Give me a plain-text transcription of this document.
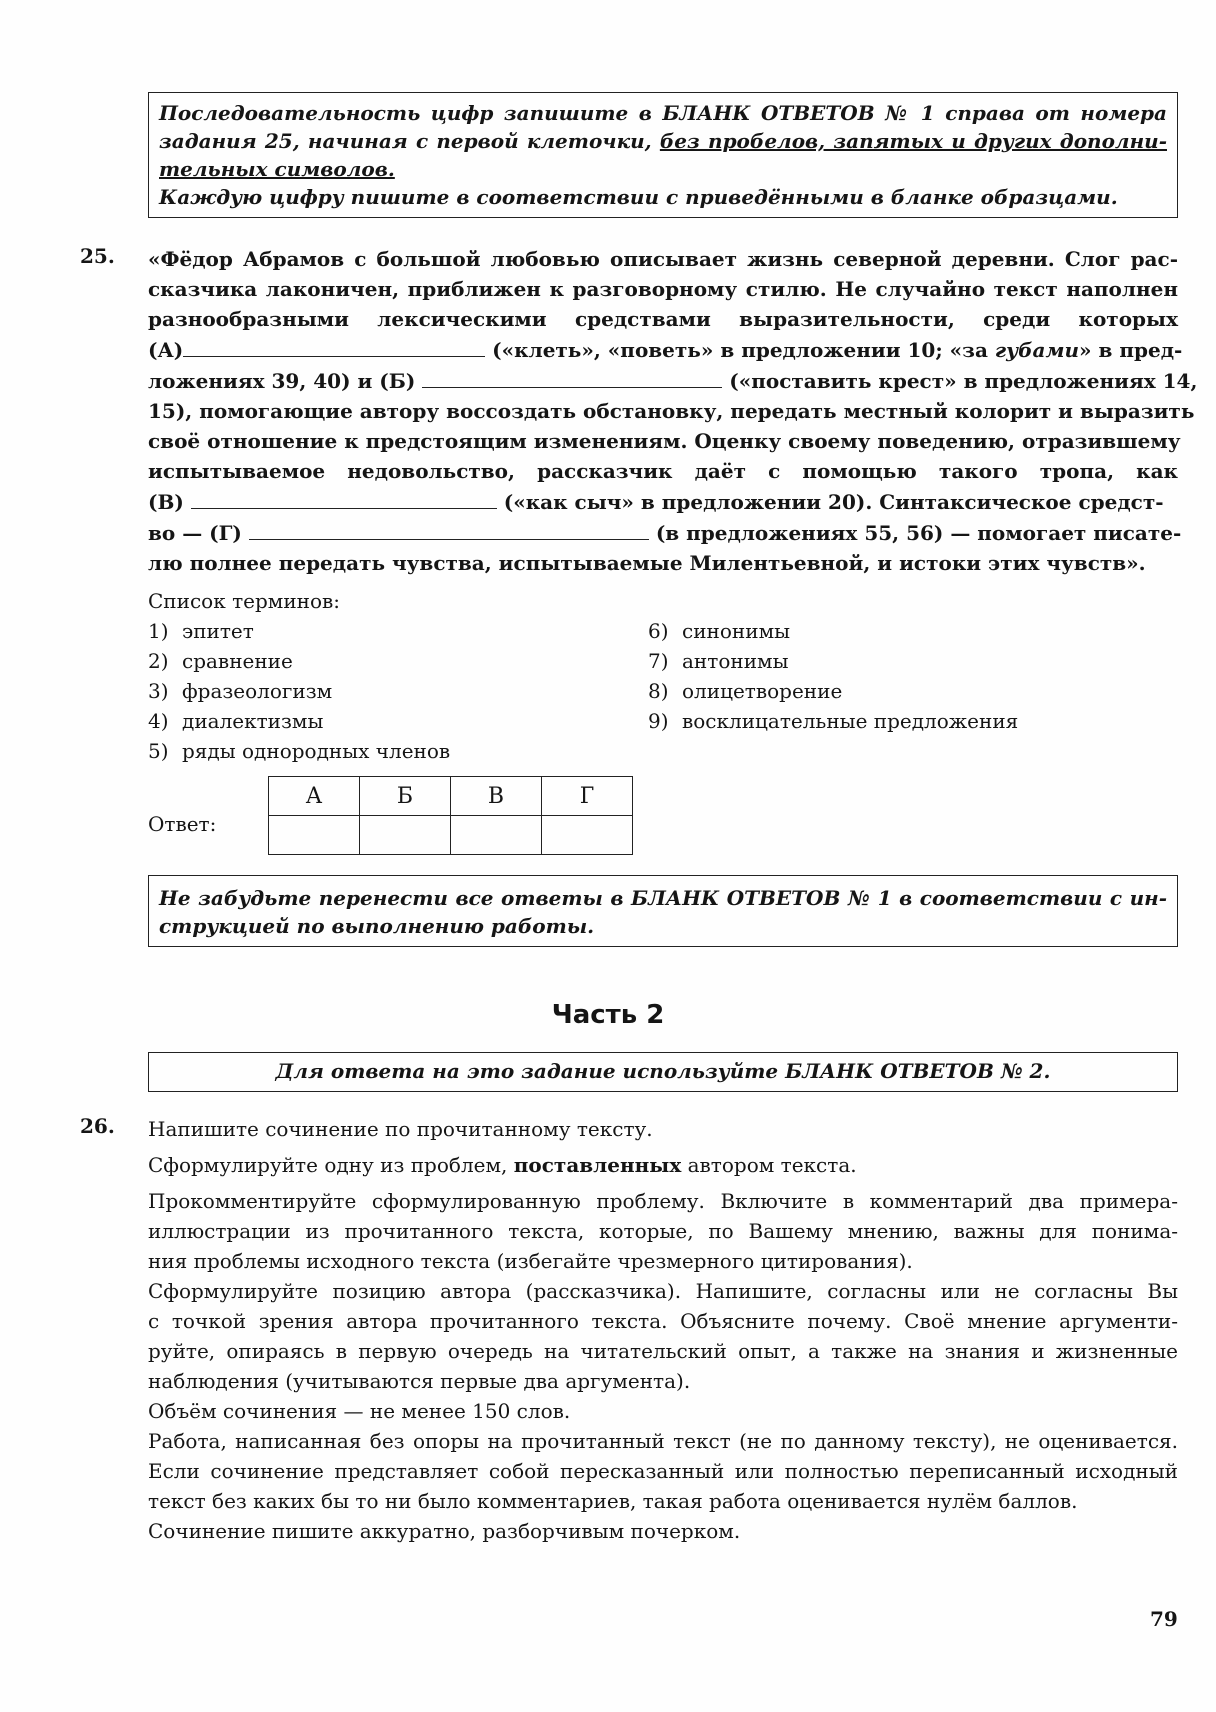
Последовательность цифр запишите в БЛАНК ОТВЕТОВ № 1 справа от номера
задания 25, начиная с первой клеточки, без пробелов, запятых и других дополни-
тельных символов.
Каждую цифру пишите в соответствии с приведёнными в бланке образцами.
25. «Фёдор Абрамов с большой любовью описывает жизнь северной деревни. Слог рас-
сказчика лаконичен, приближен к разговорному стилю. Не случайно текст наполнен
разнообразными лексическими средствами выразительности, среди которых
(А)	(«клеть», «поветь» в предложении 10; «за губами» в пред-
ложениях 39, 40) и (Б)	(«поставить крест» в предложениях 14,
15), помогающие автору воссоздать обстановку, передать местный колорит и выразить
своё отношение к предстоящим изменениям. Оценку своему поведению, отразившему
испытываемое недовольство, рассказчик даёт с помощью такого тропа, как
(В)	(«как сыч» в предложении 20). Синтаксическое средст-
во — (Г)	(в предложениях 55, 56) — помогает писате-
лю полнее передать чувства, испытываемые Милентьевной, и истоки этих чувств».
Список терминов:
1) эпитет
2) сравнение
3) фразеологизм
4) диалектизмы
5) ряды однородных членов
6) синонимы
7) антонимы
8) олицетворение
9) восклицательные предложения
Ответ:
А	Б	В	Г

Не забудьте перенести все ответы в БЛАНК ОТВЕТОВ № 1 в соответствии с ин-
струкцией по выполнению работы.
Часть 2
Для ответа на это задание используйте БЛАНК ОТВЕТОВ № 2.
26. Напишите сочинение по прочитанному тексту.
Сформулируйте одну из проблем, поставленных автором текста.
Прокомментируйте сформулированную проблему. Включите в комментарий два примера-
иллюстрации из прочитанного текста, которые, по Вашему мнению, важны для понима-
ния проблемы исходного текста (избегайте чрезмерного цитирования).
Сформулируйте позицию автора (рассказчика). Напишите, согласны или не согласны Вы
с точкой зрения автора прочитанного текста. Объясните почему. Своё мнение аргументи-
руйте, опираясь в первую очередь на читательский опыт, а также на знания и жизненные
наблюдения (учитываются первые два аргумента).
Объём сочинения — не менее 150 слов.
Работа, написанная без опоры на прочитанный текст (не по данному тексту), не оценивается.
Если сочинение представляет собой пересказанный или полностью переписанный исходный
текст без каких бы то ни было комментариев, такая работа оценивается нулём баллов.
Сочинение пишите аккуратно, разборчивым почерком.
79
